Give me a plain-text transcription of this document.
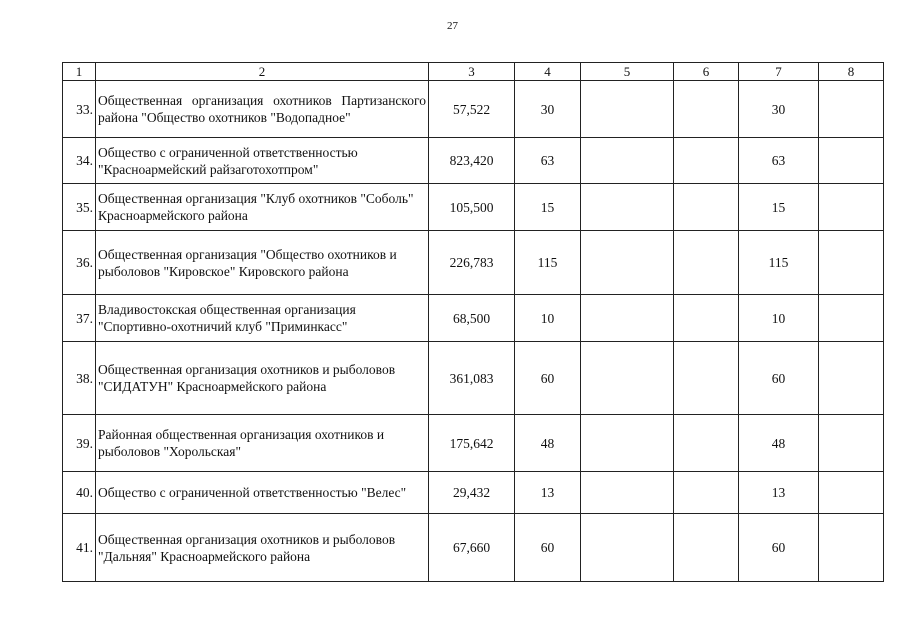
27
1	2	3	4	5	6	7	8
33.	Общественная организация охотников Партизанского района "Общество охотников "Водопадное"	57,522	30			30	
34.	Общество с ограниченной ответственностью "Красноармейский райзаготохотпром"	823,420	63			63	
35.	Общественная организация "Клуб охотников "Соболь" Красноармейского района	105,500	15			15	
36.	Общественная организация "Общество охотников и рыболовов "Кировское" Кировского района	226,783	115			115	
37.	Владивостокская общественная организация "Спортивно-охотничий клуб "Приминкасс"	68,500	10			10	
38.	Общественная организация охотников и рыболовов "СИДАТУН" Красноармейского района	361,083	60			60	
39.	Районная общественная организация охотников и рыболовов "Хорольская"	175,642	48			48	
40.	Общество с ограниченной ответственностью "Велес"	29,432	13			13	
41.	Общественная организация охотников и рыболовов "Дальняя" Красноармейского района	67,660	60			60	
